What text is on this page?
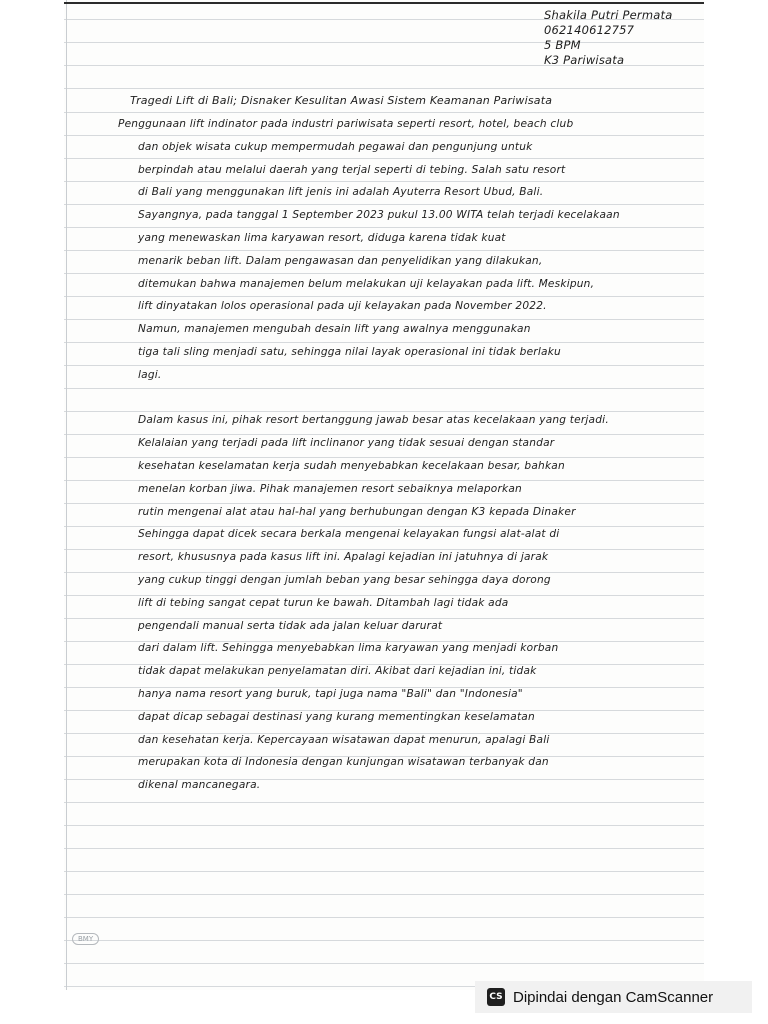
Shakila Putri Permata
062140612757
5 BPM
K3 Pariwisata
Tragedi Lift di Bali; Disnaker Kesulitan Awasi Sistem Keamanan Pariwisata
Penggunaan lift indinator pada industri pariwisata seperti resort, hotel, beach club
dan objek wisata cukup mempermudah pegawai dan pengunjung untuk
berpindah atau melalui daerah yang terjal seperti di tebing. Salah satu resort
di Bali yang menggunakan lift jenis ini adalah Ayuterra Resort Ubud, Bali.
Sayangnya, pada tanggal 1 September 2023 pukul 13.00 WITA telah terjadi kecelakaan
yang menewaskan lima karyawan resort, diduga karena tidak kuat
menarik beban lift. Dalam pengawasan dan penyelidikan yang dilakukan,
ditemukan bahwa manajemen belum melakukan uji kelayakan pada lift. Meskipun,
lift dinyatakan lolos operasional pada uji kelayakan pada November 2022.
Namun, manajemen mengubah desain lift yang awalnya menggunakan
tiga tali sling menjadi satu, sehingga nilai layak operasional ini tidak berlaku
lagi.
Dalam kasus ini, pihak resort bertanggung jawab besar atas kecelakaan yang terjadi.
Kelalaian yang terjadi pada lift inclinanor yang tidak sesuai dengan standar
kesehatan keselamatan kerja sudah menyebabkan kecelakaan besar, bahkan
menelan korban jiwa. Pihak manajemen resort sebaiknya melaporkan
rutin mengenai alat atau hal-hal yang berhubungan dengan K3 kepada Dinaker
Sehingga dapat dicek secara berkala mengenai kelayakan fungsi alat-alat di
resort, khususnya pada kasus lift ini. Apalagi kejadian ini jatuhnya di jarak
yang cukup tinggi dengan jumlah beban yang besar sehingga daya dorong
lift di tebing sangat cepat turun ke bawah. Ditambah lagi tidak ada
pengendali manual serta tidak ada jalan keluar darurat
dari dalam lift. Sehingga menyebabkan lima karyawan yang menjadi korban
tidak dapat melakukan penyelamatan diri. Akibat dari kejadian ini, tidak
hanya nama resort yang buruk, tapi juga nama "Bali" dan "Indonesia"
dapat dicap sebagai destinasi yang kurang mementingkan keselamatan
dan kesehatan kerja. Kepercayaan wisatawan dapat menurun, apalagi Bali
merupakan kota di Indonesia dengan kunjungan wisatawan terbanyak dan
dikenal mancanegara.
BMY
CS Dipindai dengan CamScanner
